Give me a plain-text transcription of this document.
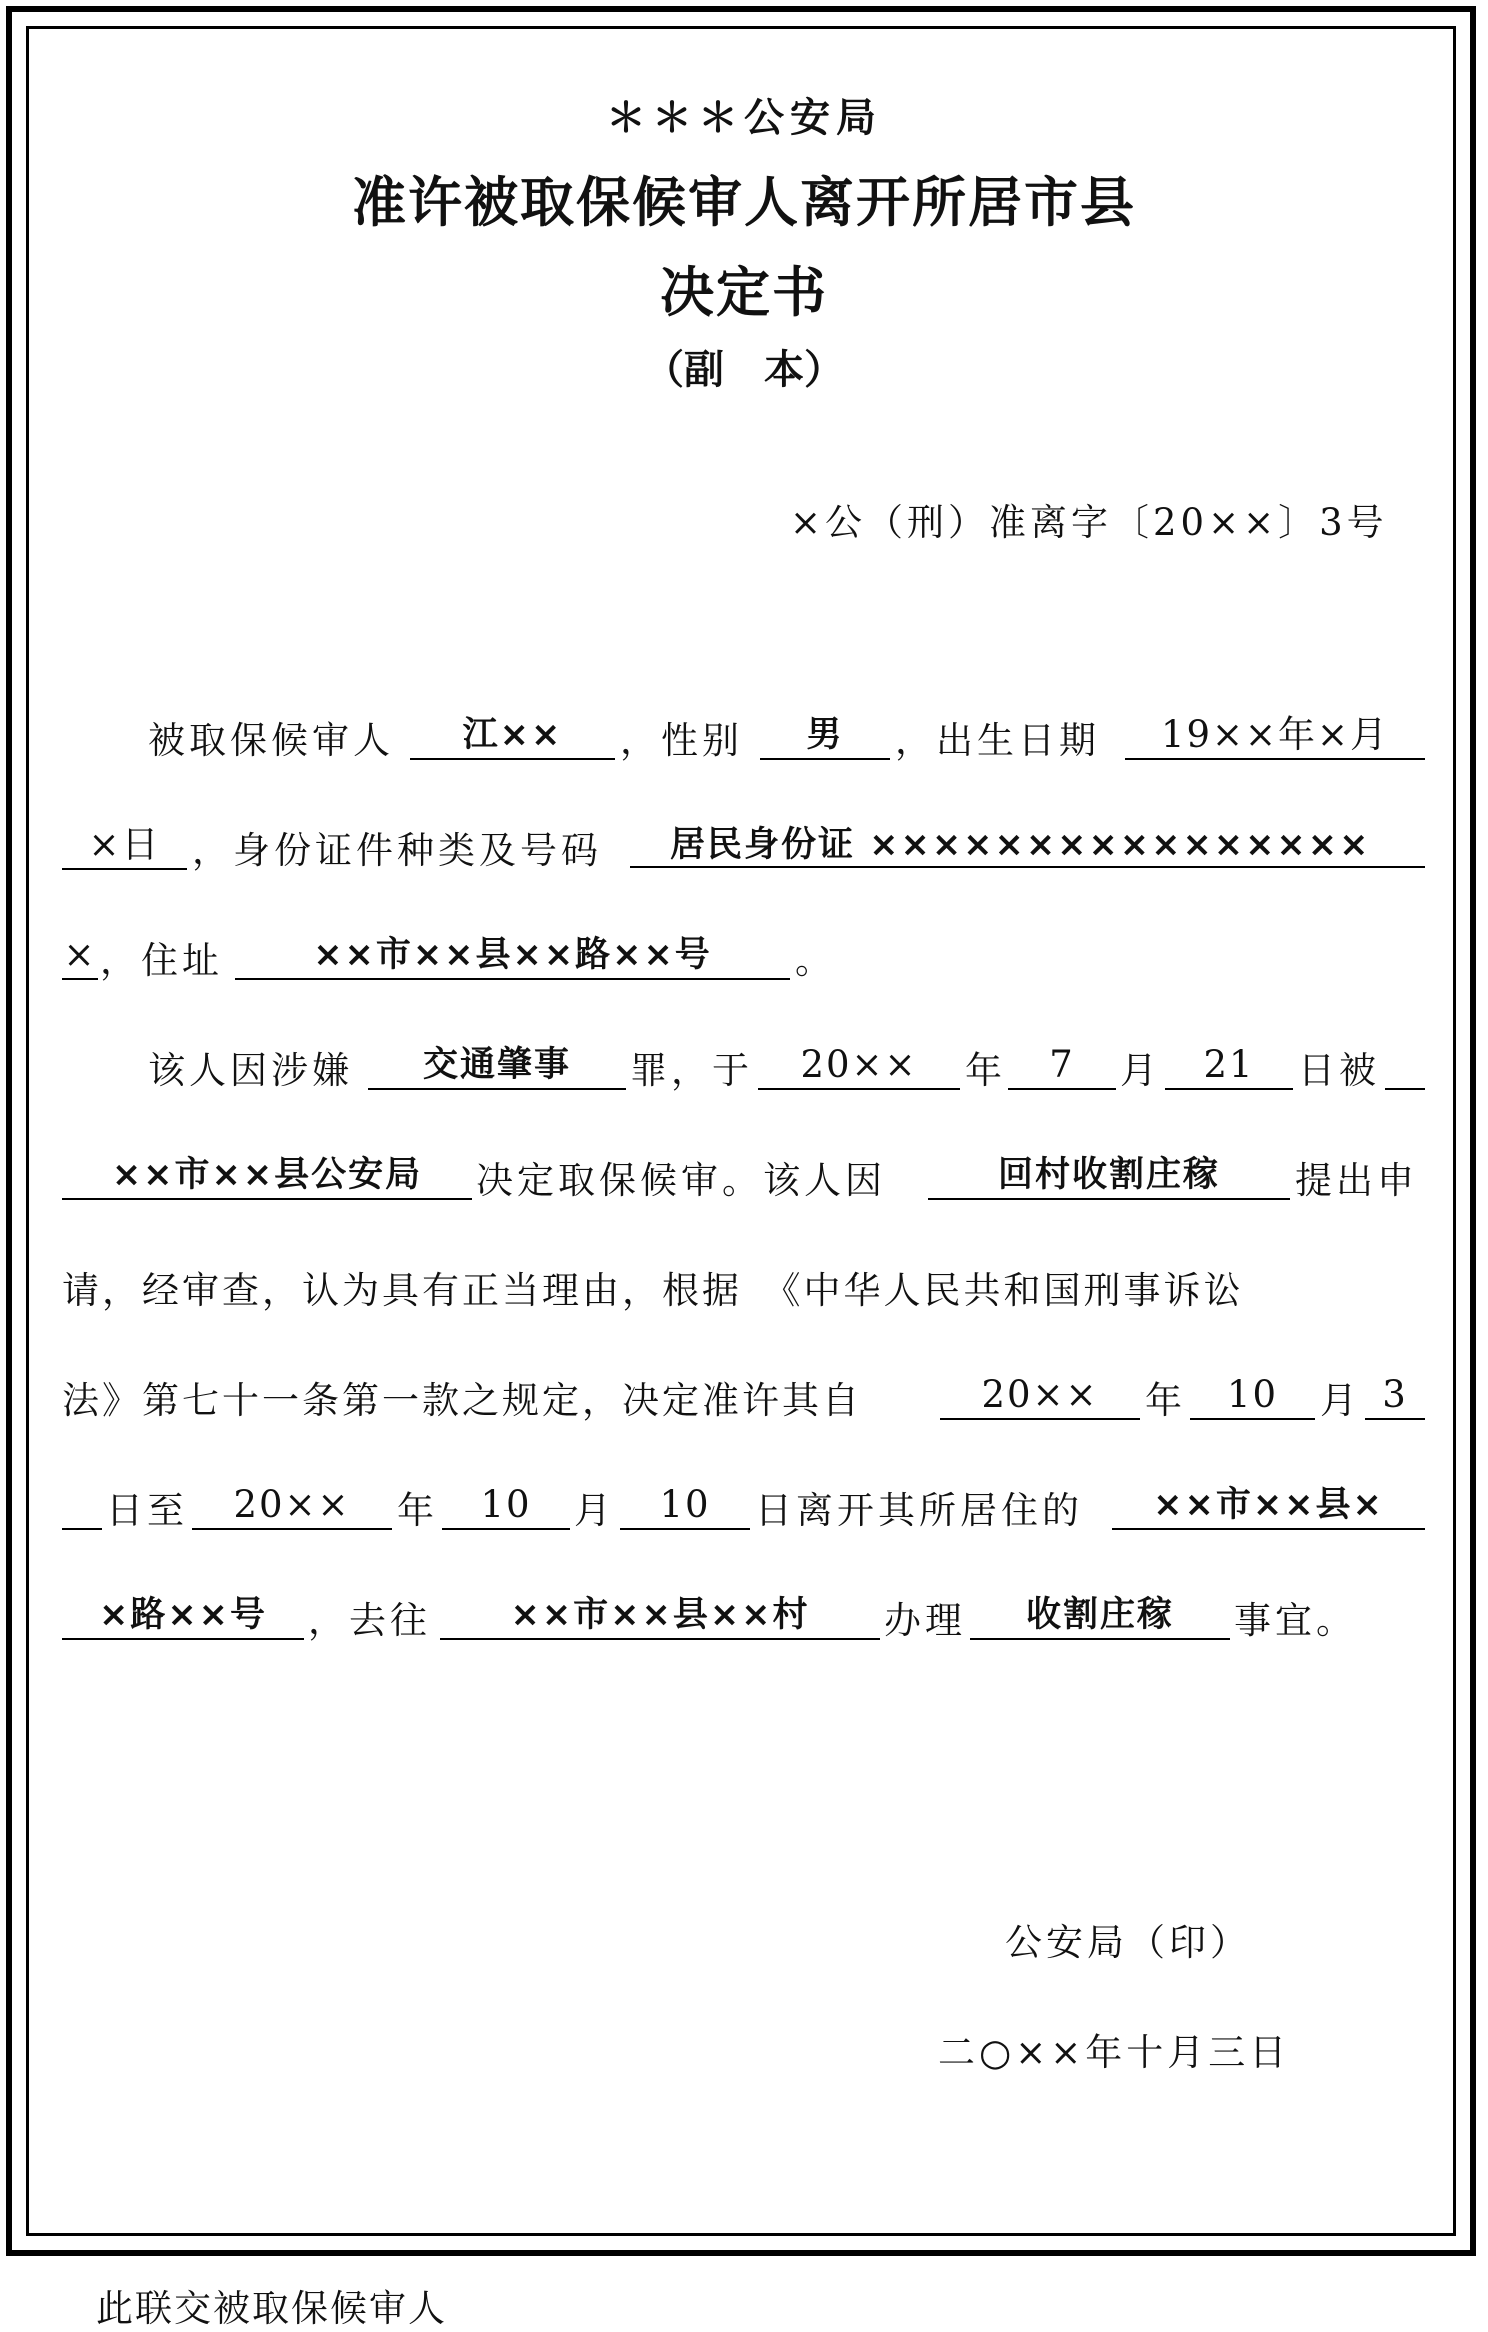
＊＊＊公安局
准许被取保候审人离开所居市县
决定书
（副　本）
×公（刑）准离字〔20××〕3号
被取保候审人	江××	，性别	男	，出生日期	19××年×月
×日 ，身份证件种类及号码	居民身份证 ××××××××××××××××
× ，住址	××市××县××路××号	。
该人因涉嫌	交通肇事	罪，于	20××	年	7	月	21	日被
××市××县公安局	决定取保候审。该人因	回村收割庄稼	提出申
请，经审查，认为具有正当理由，根据　《中华人民共和国刑事诉讼
法》第七十一条第一款之规定，决定准许其自	20××	年	10	月 3
日至	20××	年	10	月	10	日离开其所居住的	××市××县×
×路××号	，去往	××市××县××村	办理	收割庄稼	事宜。
公安局（印）
二○××年十月三日
此联交被取保候审人
